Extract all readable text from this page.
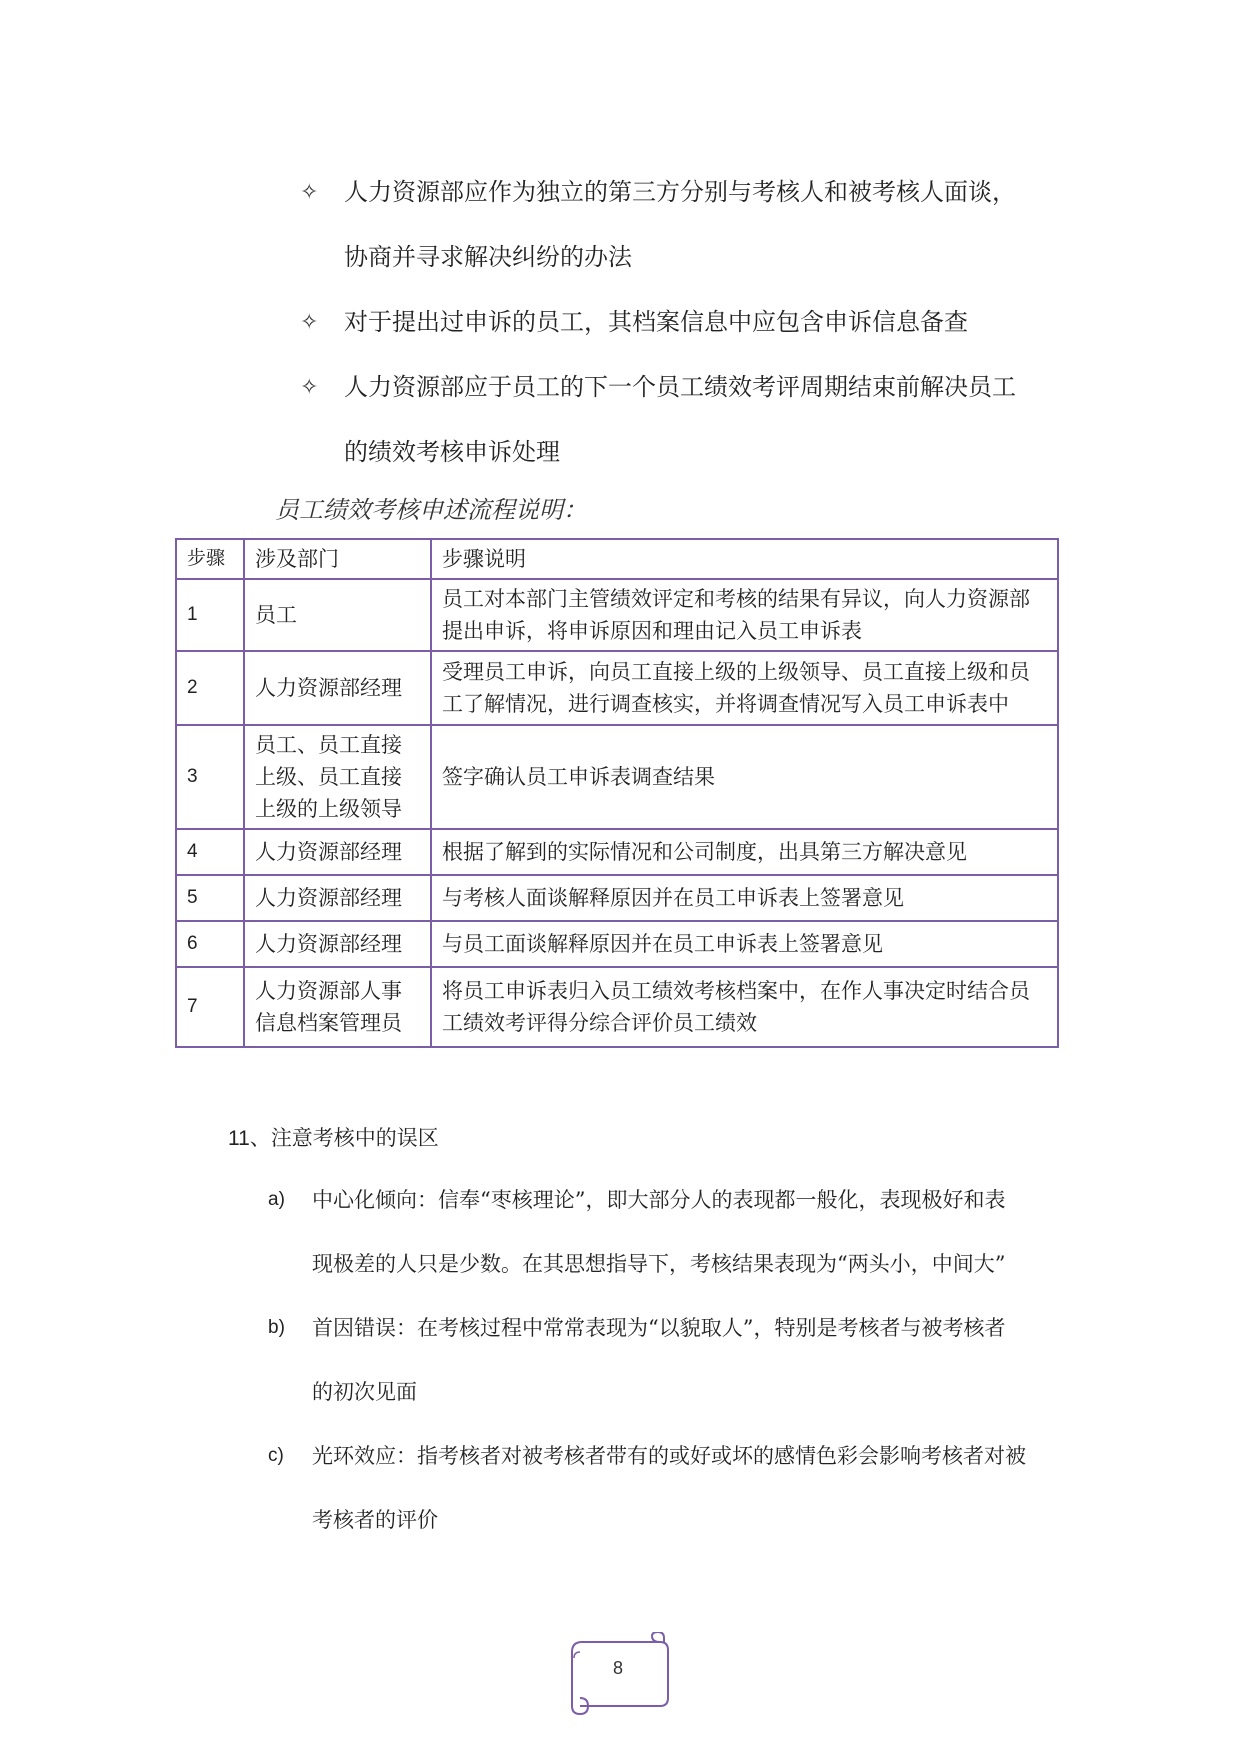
✧ 人力资源部应作为独立的第三方分别与考核人和被考核人面谈，
协商并寻求解决纠纷的办法
✧ 对于提出过申诉的员工，其档案信息中应包含申诉信息备查
✧ 人力资源部应于员工的下一个员工绩效考评周期结束前解决员工
的绩效考核申诉处理
员工绩效考核申述流程说明：
步骤	涉及部门	步骤说明
1	员工	员工对本部门主管绩效评定和考核的结果有异议，向人力资源部提出申诉，将申诉原因和理由记入员工申诉表
2	人力资源部经理	受理员工申诉，向员工直接上级的上级领导、员工直接上级和员工了解情况，进行调查核实，并将调查情况写入员工申诉表中
3	员工、员工直接上级、员工直接上级的上级领导	签字确认员工申诉表调查结果
4	人力资源部经理	根据了解到的实际情况和公司制度，出具第三方解决意见
5	人力资源部经理	与考核人面谈解释原因并在员工申诉表上签署意见
6	人力资源部经理	与员工面谈解释原因并在员工申诉表上签署意见
7	人力资源部人事信息档案管理员	将员工申诉表归入员工绩效考核档案中，在作人事决定时结合员工绩效考评得分综合评价员工绩效
11、注意考核中的误区
a) 中心化倾向：信奉“枣核理论”，即大部分人的表现都一般化，表现极好和表
现极差的人只是少数。在其思想指导下，考核结果表现为“两头小，中间大”
b) 首因错误：在考核过程中常常表现为“以貌取人”，特别是考核者与被考核者
的初次见面
c) 光环效应：指考核者对被考核者带有的或好或坏的感情色彩会影响考核者对被
考核者的评价
8
